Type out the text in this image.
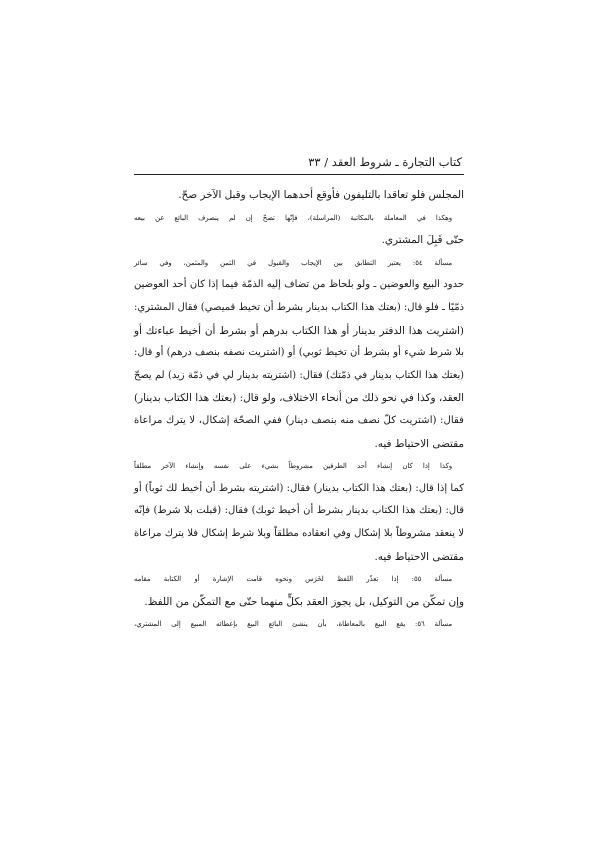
كتاب التجارة ـ شروط العقد / ٣٣
المجلس فلو تعاقدا بالتليفون فأوقع أحدهما الإيجاب وقبل الآخر صحّ.
وهكذا في المعاملة بالمكاتبة (المراسلة)، فإنّها تصحّ إن لم ينصرف البائع عن بيعه
حتّى قَبِلَ المشتري.
مسألة ٥٤: يعتبر التطابق بين الإيجاب والقبول في الثمن والمثمن، وفي سائر
حدود البيع والعوضين ـ ولو بلحاظ من تضاف إليه الذمّة فيما إذا كان أحد العوضين
ذمّيًا ـ فلو قال: (بعتك هذا الكتاب بدينار بشرط أن تخيط قميصي) فقال المشتري:
(اشتريت هذا الدفتر بدينار أو هذا الكتاب بدرهم أو بشرط أن أخيط عباءتك أو
بلا شرط شيء أو بشرط أن تخيط ثوبي) أو (اشتريت نصفه بنصف درهم) أو قال:
(بعتك هذا الكتاب بدينار في ذمّتك) فقال: (اشتريته بدينار لي في ذمّة زيد) لم يصحّ
العقد، وكذا في نحو ذلك من أنحاء الاختلاف، ولو قال: (بعتك هذا الكتاب بدينار)
فقال: (اشتريت كلّ نصف منه بنصف دينار) ففي الصحّة إشكال، لا يترك مراعاة
مقتضى الاحتياط فيه.
وكذا إذا كان إنشاء أحد الطرفين مشروطاً بشيء على نفسه وإنشاء الآخر مطلقاً
كما إذا قال: (بعتك هذا الكتاب بدينار) فقال: (اشتريته بشرط أن أخيط لك ثوباً) أو
قال: (بعتك هذا الكتاب بدينار بشرط أن أخيط ثوبك) فقال: (قبلت بلا شرط) فإنّه
لا ينعقد مشروطاً بلا إشكال وفي انعقاده مطلقاً وبلا شرط إشكال فلا يترك مراعاة
مقتضى الاحتياط فيه.
مسألة ٥٥: إذا تعذّر اللفظ لخَرَس ونحوه قامت الإشارة أو الكتابة مقامه
وإن تمكّن من التوكيل، بل يجوز العقد بكلٍّ منهما حتّى مع التمكّن من اللفظ.
مسألة ٥٦: يقع البيع بالمعاطاة، بأن ينشئ البائع البيع بإعطائه المبيع إلى المشتري،
